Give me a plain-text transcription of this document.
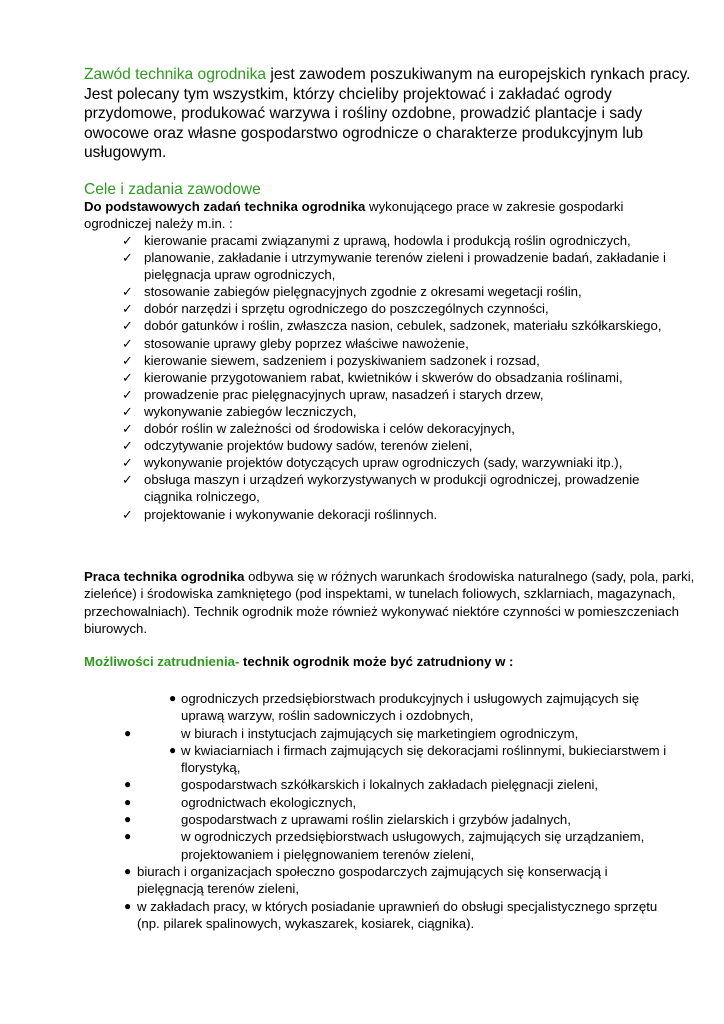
Zawód technika ogrodnika jest zawodem poszukiwanym na europejskich rynkach pracy. Jest polecany tym wszystkim, którzy chcieliby projektować i zakładać ogrody przydomowe, produkować warzywa i rośliny ozdobne, prowadzić plantacje i sady owocowe oraz własne gospodarstwo ogrodnicze o charakterze produkcyjnym lub usługowym.

Cele i zadania zawodowe

Do podstawowych zadań technika ogrodnika wykonującego prace w zakresie gospodarki ogrodniczej należy m.in. :

✓ kierowanie pracami związanymi z uprawą, hodowla i produkcją roślin ogrodniczych,
✓ planowanie, zakładanie i utrzymywanie terenów zieleni i prowadzenie badań, zakładanie i pielęgnacja upraw ogrodniczych,
✓ stosowanie zabiegów pielęgnacyjnych zgodnie z okresami wegetacji roślin,
✓ dobór narzędzi i sprzętu ogrodniczego do poszczególnych czynności,
✓ dobór gatunków i roślin, zwłaszcza nasion, cebulek, sadzonek, materiału szkółkarskiego,
✓ stosowanie uprawy gleby poprzez właściwe nawożenie,
✓ kierowanie siewem, sadzeniem i pozyskiwaniem sadzonek i rozsad,
✓ kierowanie przygotowaniem rabat, kwietników i skwerów do obsadzania roślinami,
✓ prowadzenie prac pielęgnacyjnych upraw, nasadzeń i starych drzew,
✓ wykonywanie zabiegów leczniczych,
✓ dobór roślin w zależności od środowiska i celów dekoracyjnych,
✓ odczytywanie projektów budowy sadów, terenów zieleni,
✓ wykonywanie projektów dotyczących upraw ogrodniczych (sady, warzywniaki itp.),
✓ obsługa maszyn i urządzeń wykorzystywanych w produkcji ogrodniczej, prowadzenie ciągnika rolniczego,
✓ projektowanie i wykonywanie dekoracji roślinnych.

Praca technika ogrodnika odbywa się w różnych warunkach środowiska naturalnego (sady, pola, parki, zieleńce) i środowiska zamkniętego (pod inspektami, w tunelach foliowych, szklarniach, magazynach, przechowalniach). Technik ogrodnik może również wykonywać niektóre czynności w pomieszczeniach biurowych.

Możliwości zatrudnienia- technik ogrodnik może być zatrudniony w :
● ogrodniczych przedsiębiorstwach produkcyjnych i usługowych zajmujących się uprawą warzyw, roślin sadowniczych i ozdobnych,
●	w biurach i instytucjach zajmujących się marketingiem ogrodniczym,
● w kwiaciarniach i firmach zajmujących się dekoracjami roślinnymi, bukieciarstwem i florystyką,
●	gospodarstwach szkółkarskich i lokalnych zakładach pielęgnacji zieleni,
●	ogrodnictwach ekologicznych,
●	gospodarstwach z uprawami roślin zielarskich i grzybów jadalnych,
●	w ogrodniczych przedsiębiorstwach usługowych, zajmujących się urządzaniem, projektowaniem i pielęgnowaniem terenów zieleni,
● biurach i organizacjach społeczno gospodarczych zajmujących się konserwacją i pielęgnacją terenów zieleni,
● w zakładach pracy, w których posiadanie uprawnień do obsługi specjalistycznego sprzętu (np. pilarek spalinowych, wykaszarek, kosiarek, ciągnika).
